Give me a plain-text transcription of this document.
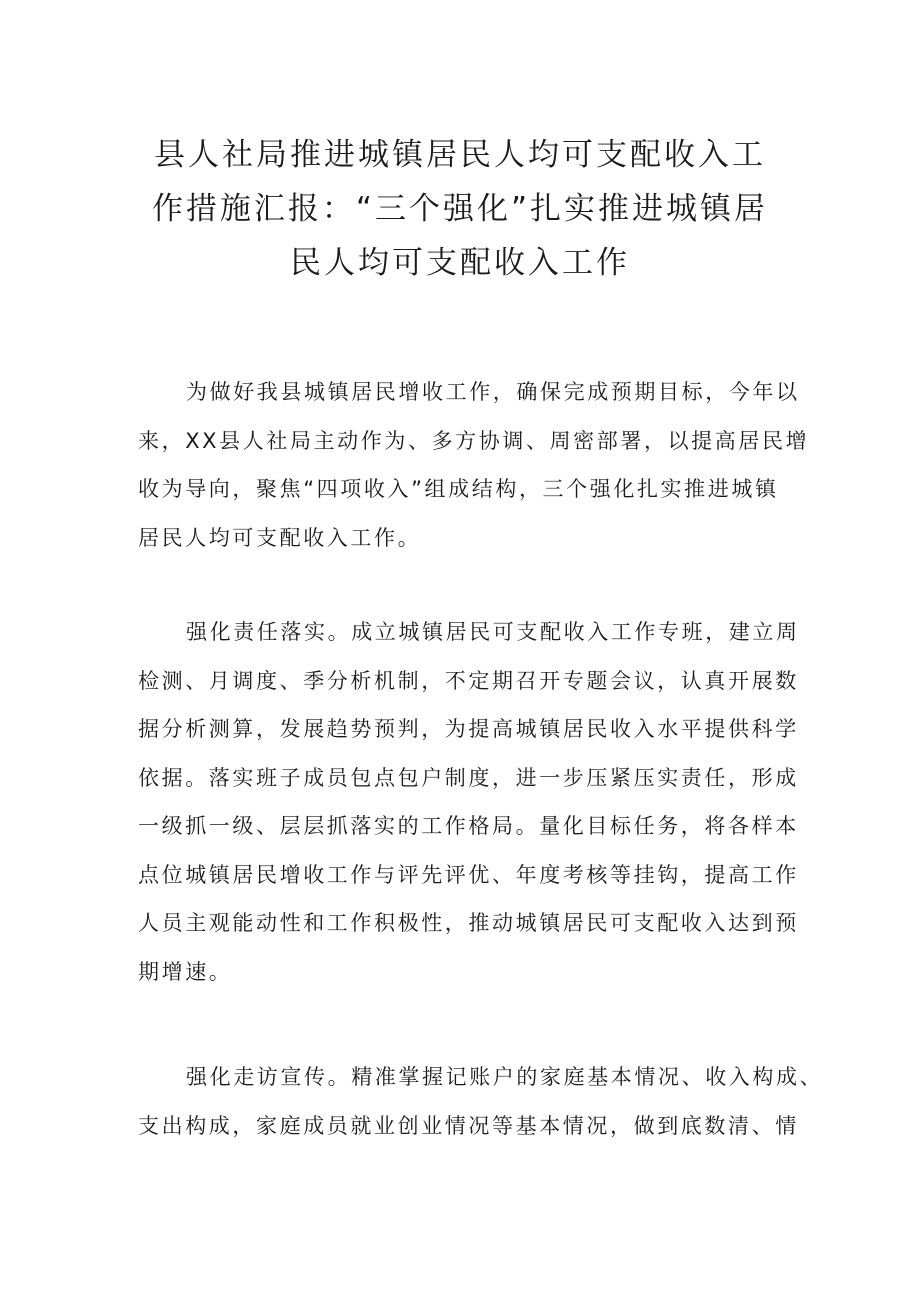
县人社局推进城镇居民人均可支配收入工
作措施汇报：“三个强化”扎实推进城镇居
民人均可支配收入工作
为做好我县城镇居民增收工作，确保完成预期目标，今年以
来，XX县人社局主动作为、多方协调、周密部署，以提高居民增
收为导向，聚焦“四项收入”组成结构，三个强化扎实推进城镇
居民人均可支配收入工作。
强化责任落实。成立城镇居民可支配收入工作专班，建立周
检测、月调度、季分析机制，不定期召开专题会议，认真开展数
据分析测算，发展趋势预判，为提高城镇居民收入水平提供科学
依据。落实班子成员包点包户制度，进一步压紧压实责任，形成
一级抓一级、层层抓落实的工作格局。量化目标任务，将各样本
点位城镇居民增收工作与评先评优、年度考核等挂钩，提高工作
人员主观能动性和工作积极性，推动城镇居民可支配收入达到预
期增速。
强化走访宣传。精准掌握记账户的家庭基本情况、收入构成、
支出构成，家庭成员就业创业情况等基本情况，做到底数清、情
